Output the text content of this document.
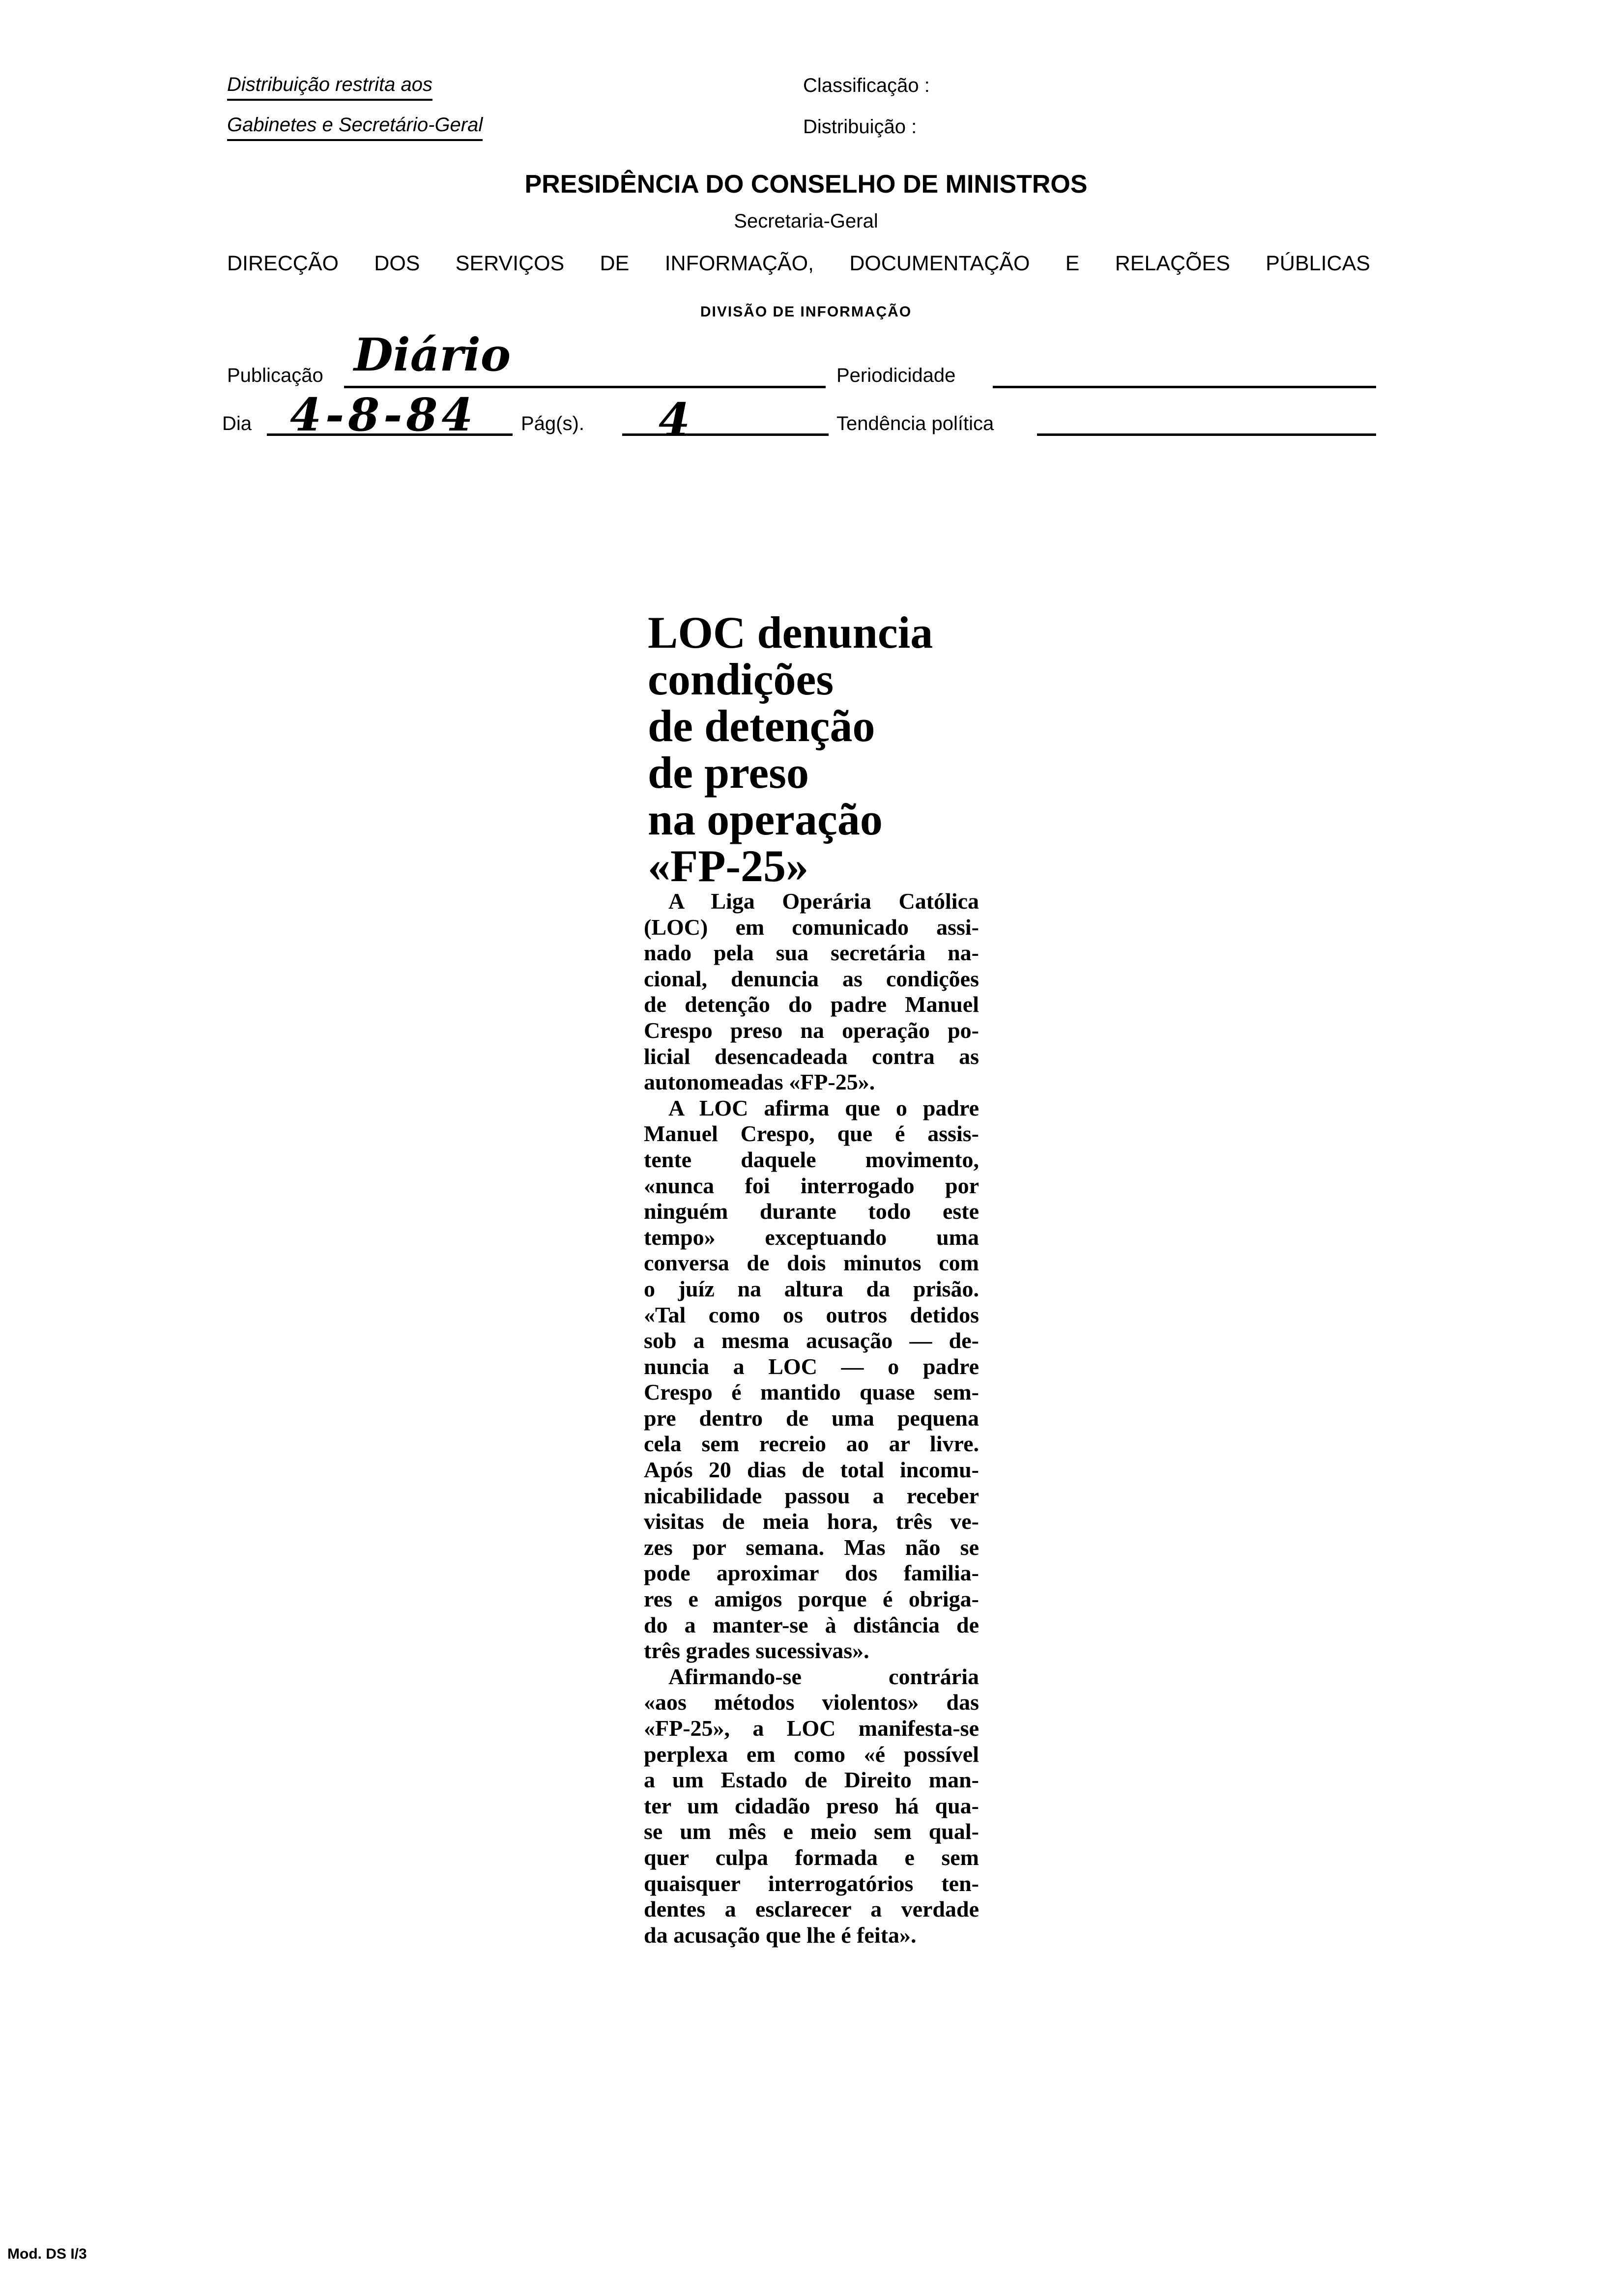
Distribuição restrita aos
Gabinetes e Secretário-Geral
Classificação :
Distribuição :
PRESIDÊNCIA DO CONSELHO DE MINISTROS
Secretaria-Geral
DIRECÇÃO DOS SERVIÇOS DE INFORMAÇÃO, DOCUMENTAÇÃO E RELAÇÕES PÚBLICAS
DIVISÃO DE INFORMAÇÃO
Publicação Diário	Periodicidade
Dia 4-8-84 Pág(s). 4	Tendência política
LOC denuncia
condições
de detenção
de preso
na operação
«FP-25»
A Liga Operária Católica
(LOC) em comunicado assi-
nado pela sua secretária na-
cional, denuncia as condições
de detenção do padre Manuel
Crespo preso na operação po-
licial desencadeada contra as
autonomeadas «FP-25».
A LOC afirma que o padre
Manuel Crespo, que é assis-
tente daquele movimento,
«nunca foi interrogado por
ninguém durante todo este
tempo» exceptuando uma
conversa de dois minutos com
o juíz na altura da prisão.
«Tal como os outros detidos
sob a mesma acusação — de-
nuncia a LOC — o padre
Crespo é mantido quase sem-
pre dentro de uma pequena
cela sem recreio ao ar livre.
Após 20 dias de total incomu-
nicabilidade passou a receber
visitas de meia hora, três ve-
zes por semana. Mas não se
pode aproximar dos familia-
res e amigos porque é obriga-
do a manter-se à distância de
três grades sucessivas».
Afirmando-se contrária
«aos métodos violentos» das
«FP-25», a LOC manifesta-se
perplexa em como «é possível
a um Estado de Direito man-
ter um cidadão preso há qua-
se um mês e meio sem qual-
quer culpa formada e sem
quaisquer interrogatórios ten-
dentes a esclarecer a verdade
da acusação que lhe é feita».
Mod. DS I/3
